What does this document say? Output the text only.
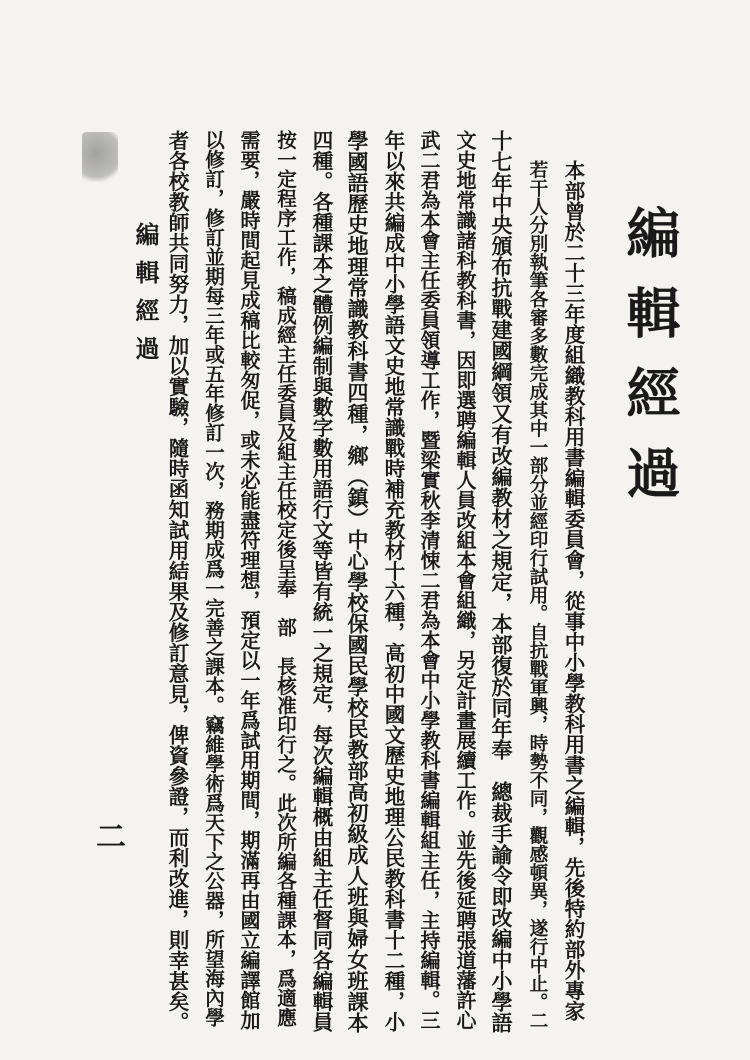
編輯經過
本部曾於二十三年度組織教科用書編輯委員會，從事中小學教科用書之編輯，先後特約部外專家
若干人分別執筆各審多數完成其中一部分並經印行試用。自抗戰軍興，時勢不同，觀感頓異，遂行中止。二
十七年中央頒布抗戰建國綱領又有改編教材之規定，本部復於同年奉　總裁手諭令即改編中小學語
文史地常識諸科教科書，因即選聘編輯人員改組本會組織，另定計畫展續工作。並先後延聘張道藩許心
武二君為本會主任委員領導工作，暨梁實秋李清悚二君為本會中小學教科書編輯組主任，主持編輯。三
年以來共編成中小學語文史地常識戰時補充教材十六種，高初中國文歷史地理公民教科書十二種，小
學國語歷史地理常識教科書四種，鄉（鎮）中心學校保國民學校民教部高初級成人班與婦女班課本
四種。各種課本之體例編制與數字數用語行文等皆有統一之規定，每次編輯概由組主任督同各編輯員
按一定程序工作，稿成經主任委員及組主任校定後呈奉　部　長核准印行之。此次所編各種課本，爲適應
需要，嚴時間起見成稿比較匆促，或未必能盡符理想，預定以一年爲試用期間，期滿再由國立編譯館加
以修訂，修訂並期每三年或五年修訂一次，務期成爲一完善之課本。竊維學術爲天下之公器，所望海內學
者各校教師共同努力，加以實驗，隨時函知試用結果及修訂意見，俾資參證，而利改進，則幸甚矣。
編輯經過
二
